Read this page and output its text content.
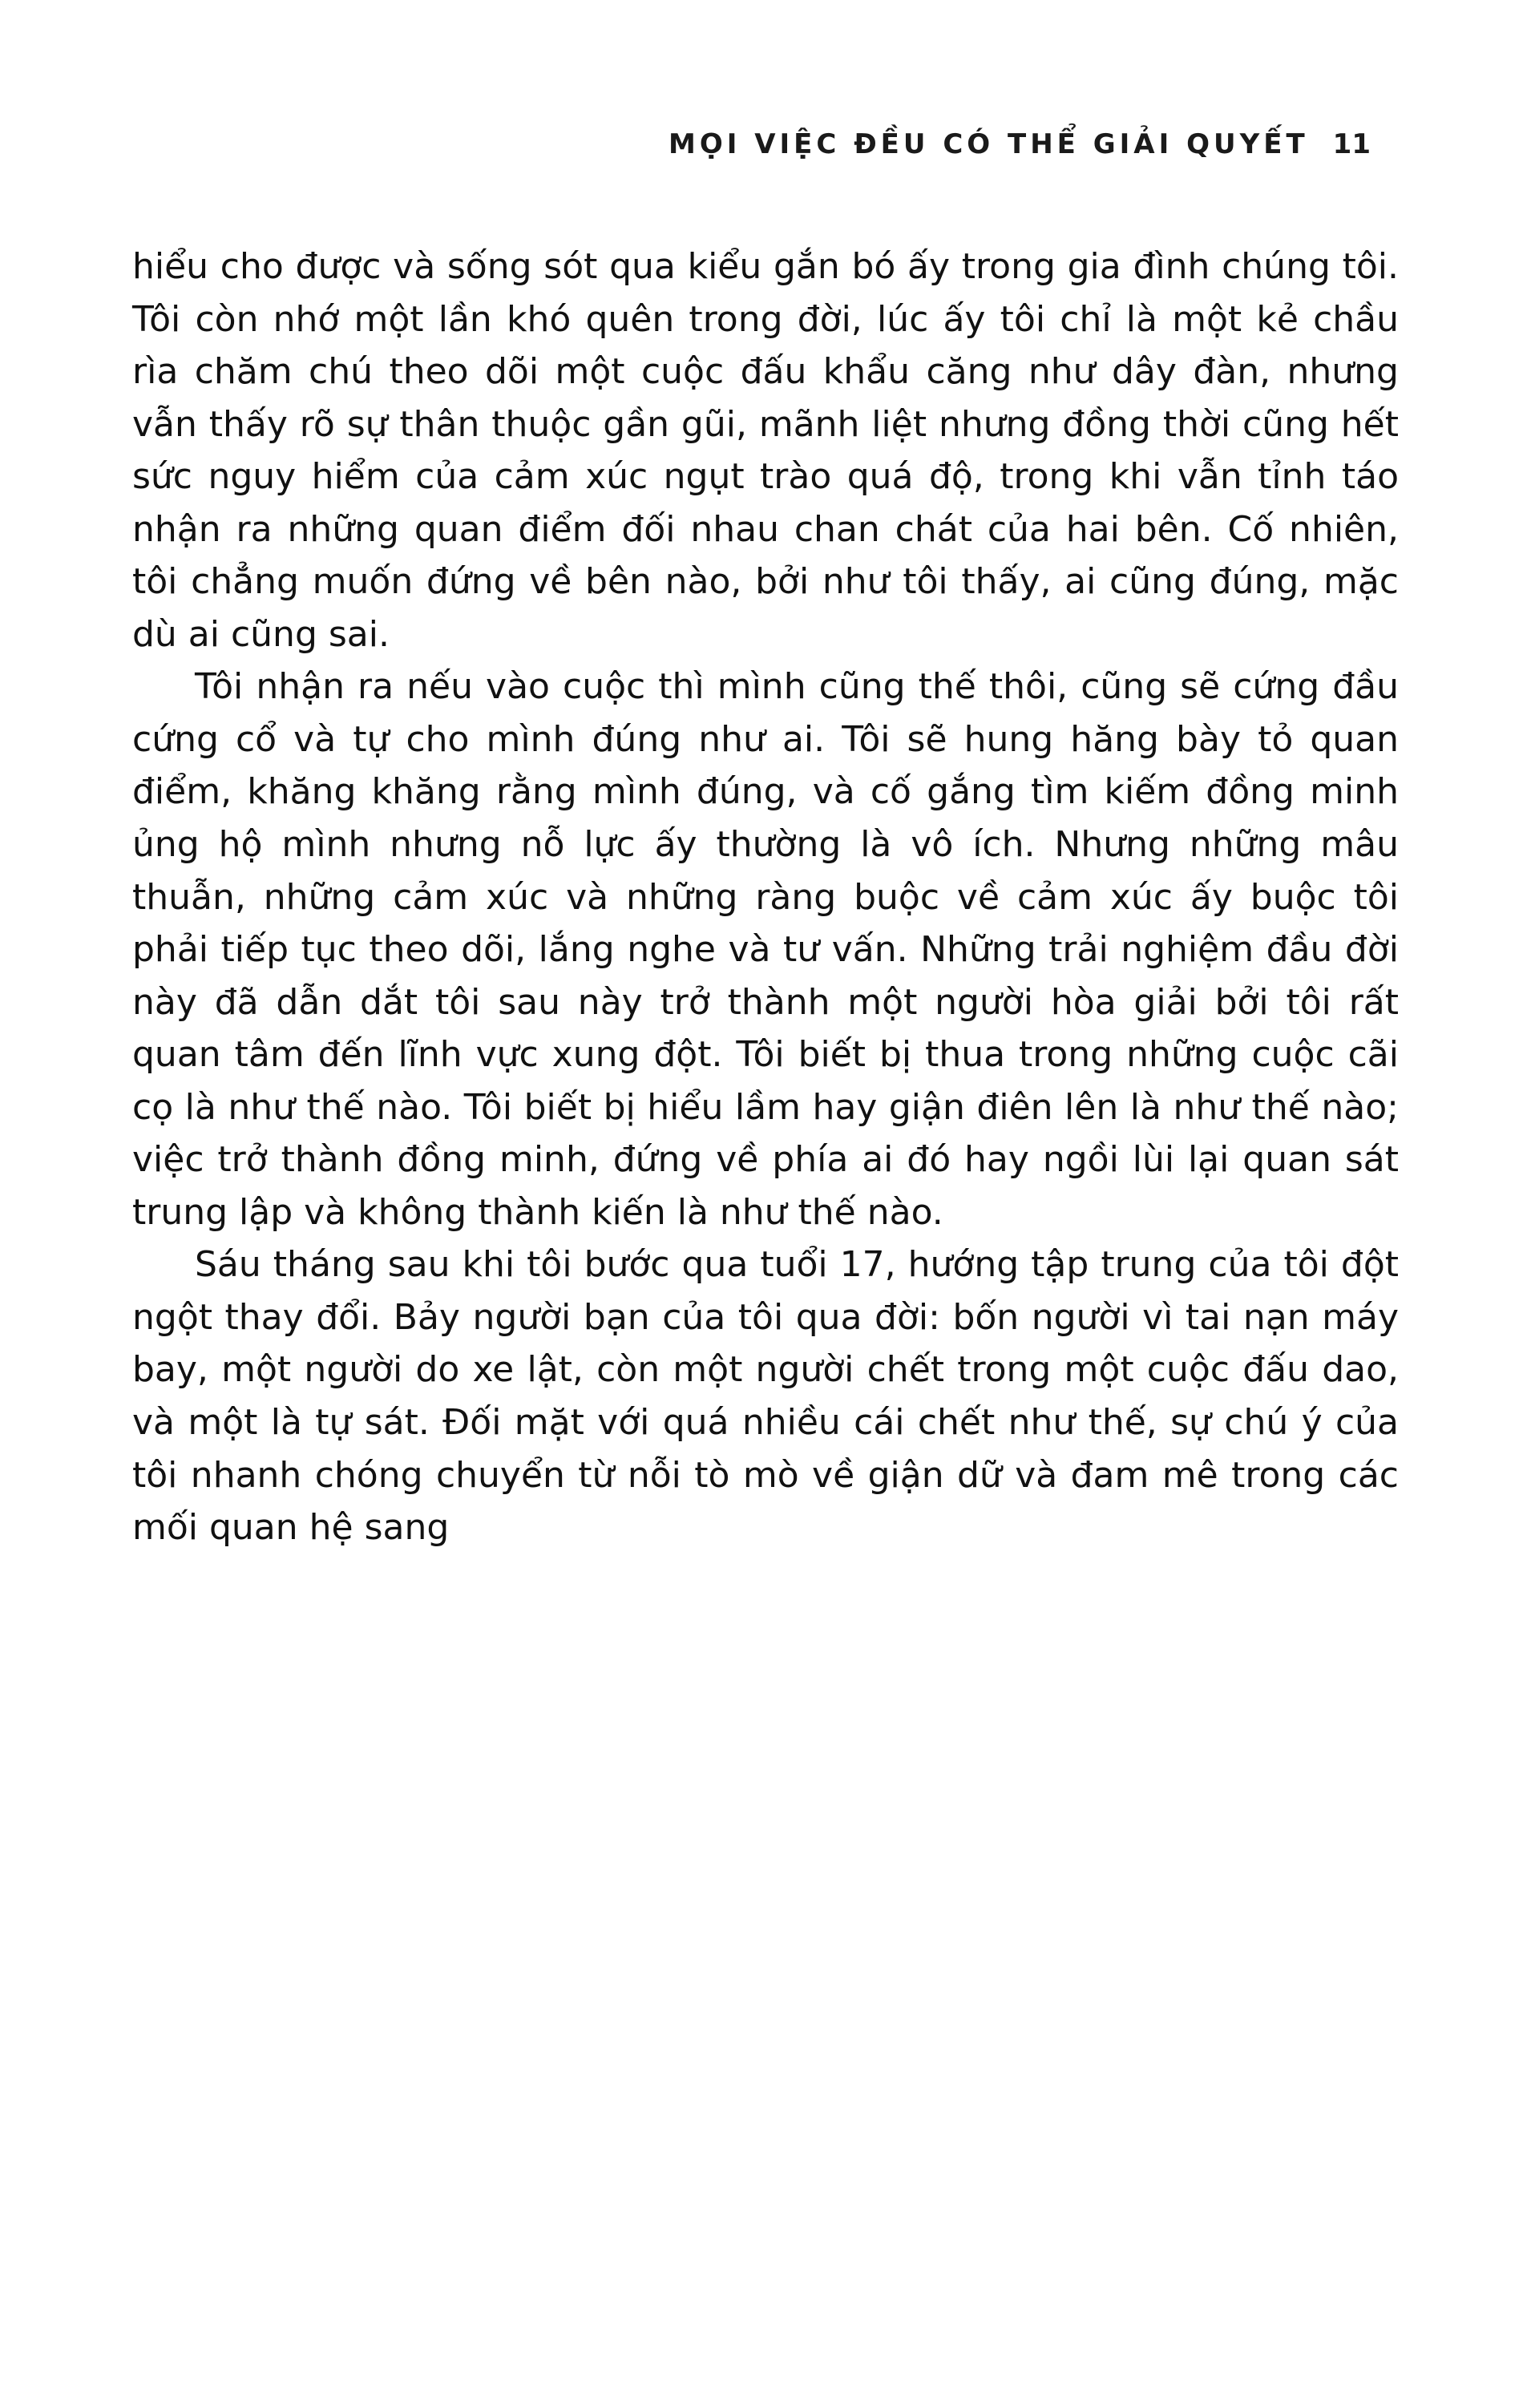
MỌI VIỆC ĐỀU CÓ THỂ GIẢI QUYẾT 11

hiểu cho được và sống sót qua kiểu gắn bó ấy trong gia đình chúng tôi. Tôi còn nhớ một lần khó quên trong đời, lúc ấy tôi chỉ là một kẻ chầu rìa chăm chú theo dõi một cuộc đấu khẩu căng như dây đàn, nhưng vẫn thấy rõ sự thân thuộc gần gũi, mãnh liệt nhưng đồng thời cũng hết sức nguy hiểm của cảm xúc ngụt trào quá độ, trong khi vẫn tỉnh táo nhận ra những quan điểm đối nhau chan chát của hai bên. Cố nhiên, tôi chẳng muốn đứng về bên nào, bởi như tôi thấy, ai cũng đúng, mặc dù ai cũng sai.

Tôi nhận ra nếu vào cuộc thì mình cũng thế thôi, cũng sẽ cứng đầu cứng cổ và tự cho mình đúng như ai. Tôi sẽ hung hăng bày tỏ quan điểm, khăng khăng rằng mình đúng, và cố gắng tìm kiếm đồng minh ủng hộ mình nhưng nỗ lực ấy thường là vô ích. Nhưng những mâu thuẫn, những cảm xúc và những ràng buộc về cảm xúc ấy buộc tôi phải tiếp tục theo dõi, lắng nghe và tư vấn. Những trải nghiệm đầu đời này đã dẫn dắt tôi sau này trở thành một người hòa giải bởi tôi rất quan tâm đến lĩnh vực xung đột. Tôi biết bị thua trong những cuộc cãi cọ là như thế nào. Tôi biết bị hiểu lầm hay giận điên lên là như thế nào; việc trở thành đồng minh, đứng về phía ai đó hay ngồi lùi lại quan sát trung lập và không thành kiến là như thế nào.

Sáu tháng sau khi tôi bước qua tuổi 17, hướng tập trung của tôi đột ngột thay đổi. Bảy người bạn của tôi qua đời: bốn người vì tai nạn máy bay, một người do xe lật, còn một người chết trong một cuộc đấu dao, và một là tự sát. Đối mặt với quá nhiều cái chết như thế, sự chú ý của tôi nhanh chóng chuyển từ nỗi tò mò về giận dữ và đam mê trong các mối quan hệ sang
